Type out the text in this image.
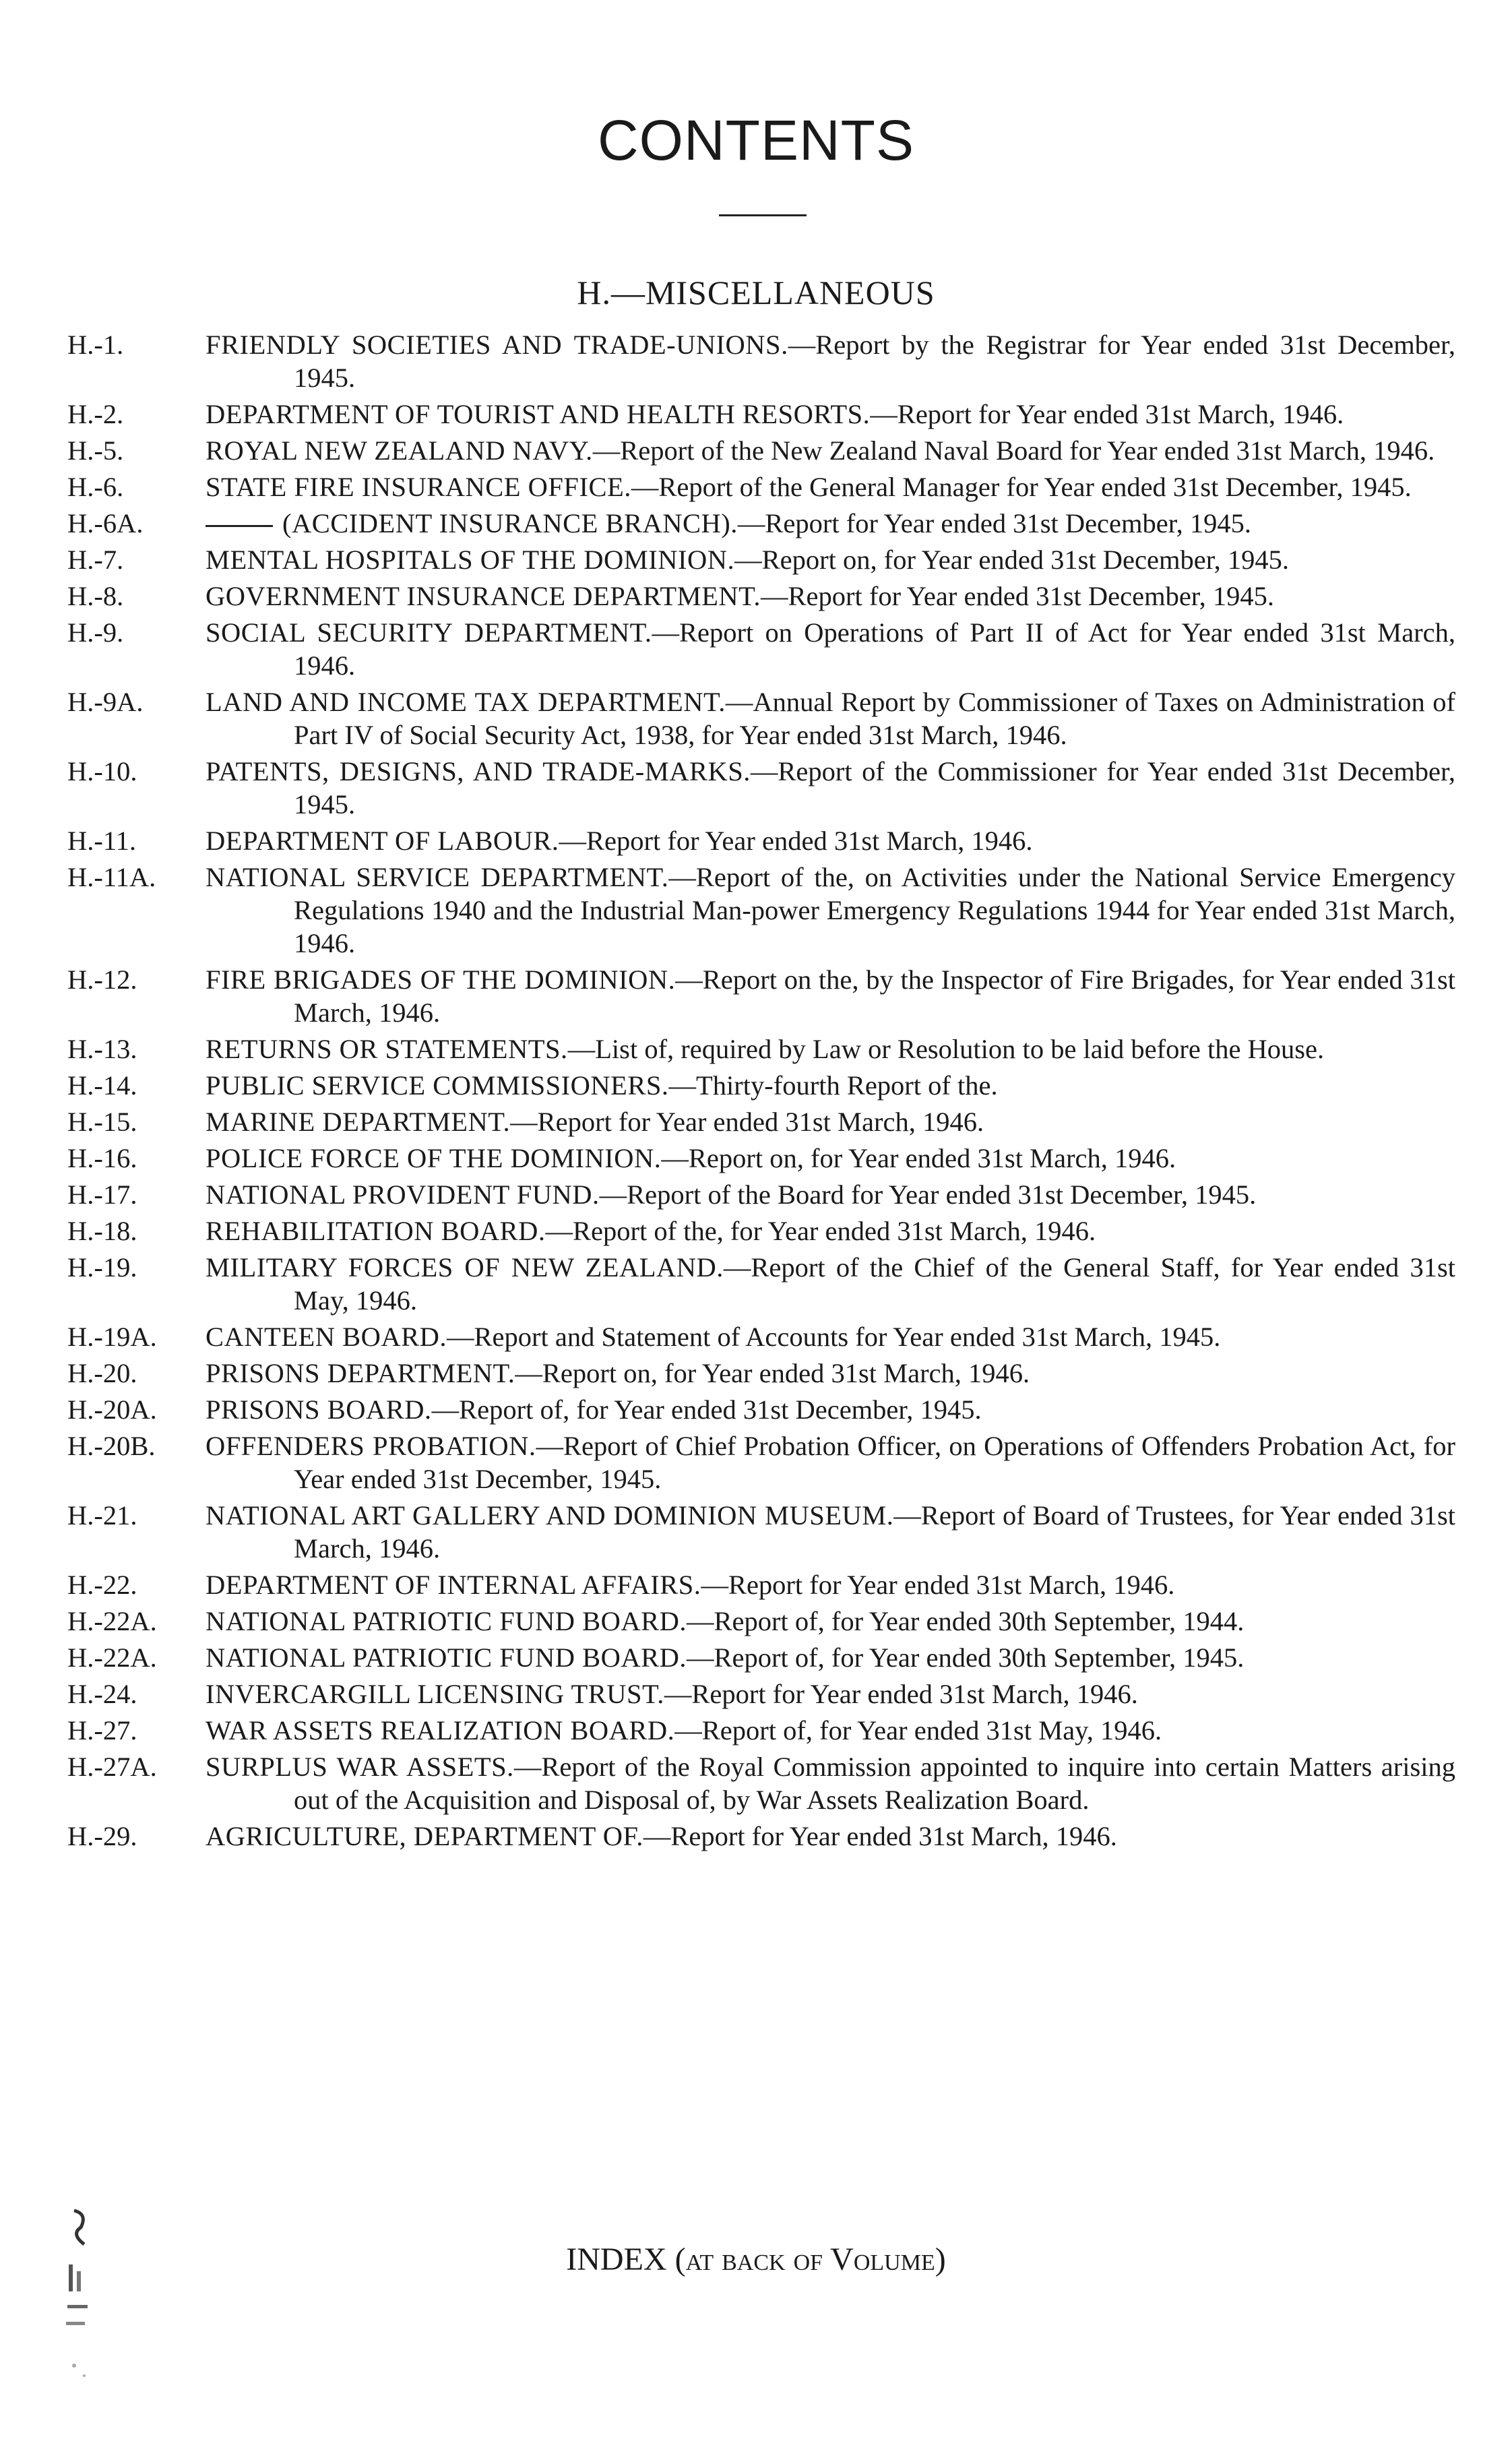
CONTENTS
H.—MISCELLANEOUS
H.-1.	FRIENDLY SOCIETIES AND TRADE-UNIONS.—Report by the Registrar for Year ended 31st December, 1945.
H.-2.	DEPARTMENT OF TOURIST AND HEALTH RESORTS.—Report for Year ended 31st March, 1946.
H.-5.	ROYAL NEW ZEALAND NAVY.—Report of the New Zealand Naval Board for Year ended 31st March, 1946.
H.-6.	STATE FIRE INSURANCE OFFICE.—Report of the General Manager for Year ended 31st December, 1945.
H.-6A.	(ACCIDENT INSURANCE BRANCH).—Report for Year ended 31st December, 1945.
H.-7.	MENTAL HOSPITALS OF THE DOMINION.—Report on, for Year ended 31st December, 1945.
H.-8.	GOVERNMENT INSURANCE DEPARTMENT.—Report for Year ended 31st December, 1945.
H.-9.	SOCIAL SECURITY DEPARTMENT.—Report on Operations of Part II of Act for Year ended 31st March, 1946.
H.-9A.	LAND AND INCOME TAX DEPARTMENT.—Annual Report by Commissioner of Taxes on Administration of Part IV of Social Security Act, 1938, for Year ended 31st March, 1946.
H.-10.	PATENTS, DESIGNS, AND TRADE-MARKS.—Report of the Commissioner for Year ended 31st December, 1945.
H.-11.	DEPARTMENT OF LABOUR.—Report for Year ended 31st March, 1946.
H.-11A.	NATIONAL SERVICE DEPARTMENT.—Report of the, on Activities under the National Service Emergency Regulations 1940 and the Industrial Man-power Emergency Regulations 1944 for Year ended 31st March, 1946.
H.-12.	FIRE BRIGADES OF THE DOMINION.—Report on the, by the Inspector of Fire Brigades, for Year ended 31st March, 1946.
H.-13.	RETURNS OR STATEMENTS.—List of, required by Law or Resolution to be laid before the House.
H.-14.	PUBLIC SERVICE COMMISSIONERS.—Thirty-fourth Report of the.
H.-15.	MARINE DEPARTMENT.—Report for Year ended 31st March, 1946.
H.-16.	POLICE FORCE OF THE DOMINION.—Report on, for Year ended 31st March, 1946.
H.-17.	NATIONAL PROVIDENT FUND.—Report of the Board for Year ended 31st December, 1945.
H.-18.	REHABILITATION BOARD.—Report of the, for Year ended 31st March, 1946.
H.-19.	MILITARY FORCES OF NEW ZEALAND.—Report of the Chief of the General Staff, for Year ended 31st May, 1946.
H.-19A.	CANTEEN BOARD.—Report and Statement of Accounts for Year ended 31st March, 1945.
H.-20.	PRISONS DEPARTMENT.—Report on, for Year ended 31st March, 1946.
H.-20A.	PRISONS BOARD.—Report of, for Year ended 31st December, 1945.
H.-20B.	OFFENDERS PROBATION.—Report of Chief Probation Officer, on Operations of Offenders Probation Act, for Year ended 31st December, 1945.
H.-21.	NATIONAL ART GALLERY AND DOMINION MUSEUM.—Report of Board of Trustees, for Year ended 31st March, 1946.
H.-22.	DEPARTMENT OF INTERNAL AFFAIRS.—Report for Year ended 31st March, 1946.
H.-22A.	NATIONAL PATRIOTIC FUND BOARD.—Report of, for Year ended 30th September, 1944.
H.-22A.	NATIONAL PATRIOTIC FUND BOARD.—Report of, for Year ended 30th September, 1945.
H.-24.	INVERCARGILL LICENSING TRUST.—Report for Year ended 31st March, 1946.
H.-27.	WAR ASSETS REALIZATION BOARD.—Report of, for Year ended 31st May, 1946.
H.-27A.	SURPLUS WAR ASSETS.—Report of the Royal Commission appointed to inquire into certain Matters arising out of the Acquisition and Disposal of, by War Assets Realization Board.
H.-29.	AGRICULTURE, DEPARTMENT OF.—Report for Year ended 31st March, 1946.
INDEX (at back of Volume)
